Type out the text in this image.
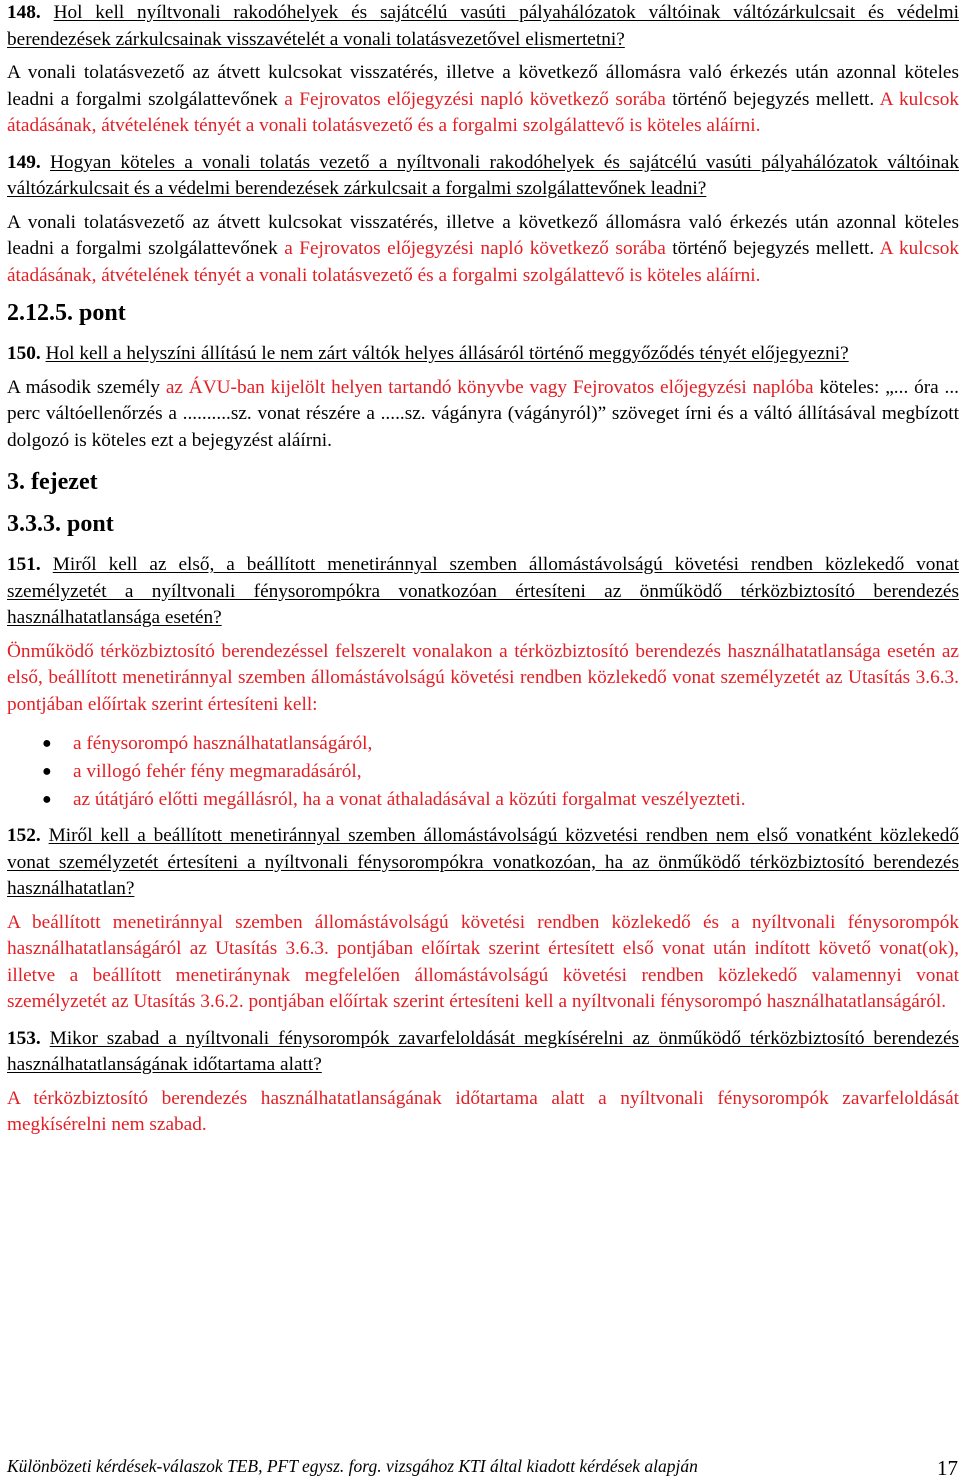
148. Hol kell nyíltvonali rakodóhelyek és sajátcélú vasúti pályahálózatok váltóinak váltózárkulcsait és védelmi berendezések zárkulcsainak visszavételét a vonali tolatásvezetővel elismertetni?

A vonali tolatásvezető az átvett kulcsokat visszatérés, illetve a következő állomásra való érkezés után azonnal köteles leadni a forgalmi szolgálattevőnek a Fejrovatos előjegyzési napló következő sorába történő bejegyzés mellett. A kulcsok átadásának, átvételének tényét a vonali tolatásvezető és a forgalmi szolgálattevő is köteles aláírni.

149. Hogyan köteles a vonali tolatás vezető a nyíltvonali rakodóhelyek és sajátcélú vasúti pályahálózatok váltóinak váltózárkulcsait és a védelmi berendezések zárkulcsait a forgalmi szolgálattevőnek leadni?

A vonali tolatásvezető az átvett kulcsokat visszatérés, illetve a következő állomásra való érkezés után azonnal köteles leadni a forgalmi szolgálattevőnek a Fejrovatos előjegyzési napló következő sorába történő bejegyzés mellett. A kulcsok átadásának, átvételének tényét a vonali tolatásvezető és a forgalmi szolgálattevő is köteles aláírni.

2.12.5. pont

150. Hol kell a helyszíni állítású le nem zárt váltók helyes állásáról történő meggyőződés tényét előjegyezni?

A második személy az ÁVU-ban kijelölt helyen tartandó könyvbe vagy Fejrovatos előjegyzési naplóba köteles: „... óra ... perc váltóellenőrzés a ..........sz. vonat részére a .....sz. vágányra (vágányról)” szöveget írni és a váltó állításával megbízott dolgozó is köteles ezt a bejegyzést aláírni.

3. fejezet
3.3.3. pont

151. Miről kell az első, a beállított menetiránnyal szemben állomástávolságú követési rendben közlekedő vonat személyzetét a nyíltvonali fénysorompókra vonatkozóan értesíteni az önműködő térközbiztosító berendezés használhatatlansága esetén?

Önműködő térközbiztosító berendezéssel felszerelt vonalakon a térközbiztosító berendezés használhatatlansága esetén az első, beállított menetiránnyal szemben állomástávolságú követési rendben közlekedő vonat személyzetét az Utasítás 3.6.3. pontjában előírtak szerint értesíteni kell:

● a fénysorompó használhatatlanságáról,
● a villogó fehér fény megmaradásáról,
● az útátjáró előtti megállásról, ha a vonat áthaladásával a közúti forgalmat veszélyezteti.

152. Miről kell a beállított menetiránnyal szemben állomástávolságú közvetési rendben nem első vonatként közlekedő vonat személyzetét értesíteni a nyíltvonali fénysorompókra vonatkozóan, ha az önműködő térközbiztosító berendezés használhatatlan?

A beállított menetiránnyal szemben állomástávolságú követési rendben közlekedő és a nyíltvonali fénysorompók használhatatlanságáról az Utasítás 3.6.3. pontjában előírtak szerint értesített első vonat után indított követő vonat(ok), illetve a beállított menetiránynak megfelelően állomástávolságú követési rendben közlekedő valamennyi vonat személyzetét az Utasítás 3.6.2. pontjában előírtak szerint értesíteni kell a nyíltvonali fénysorompó használhatatlanságáról.

153. Mikor szabad a nyíltvonali fénysorompók zavarfeloldását megkísérelni az önműködő térközbiztosító berendezés használhatatlanságának időtartama alatt?

A térközbiztosító berendezés használhatatlanságának időtartama alatt a nyíltvonali fénysorompók zavarfeloldását megkísérelni nem szabad.

Különbözeti kérdések-válaszok TEB, PFT egysz. forg. vizsgához KTI által kiadott kérdések alapján	17
